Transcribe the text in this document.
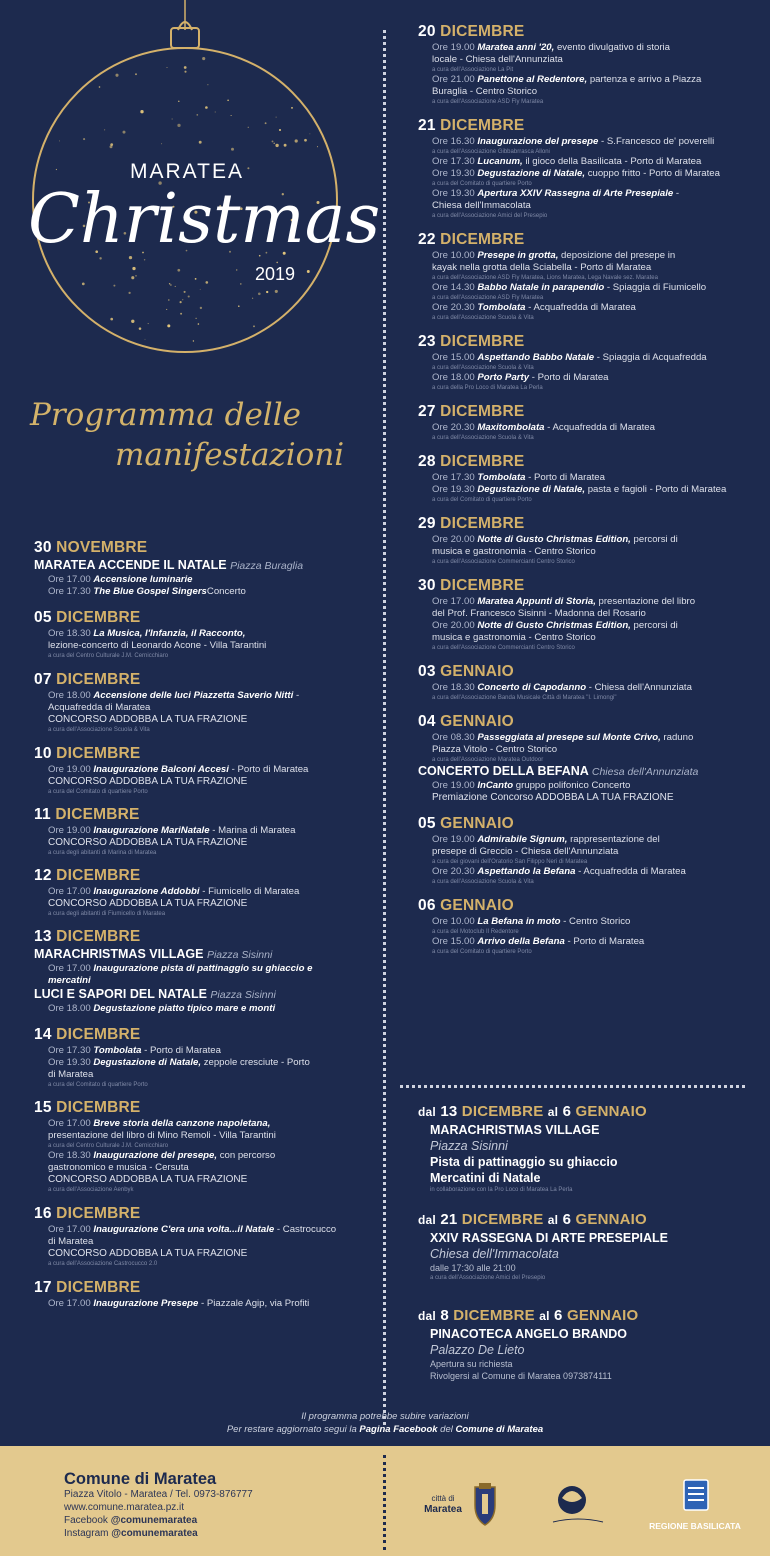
MARATEA
Christmas
2019
Programma delle
manifestazioni
30 NOVEMBRE
MARATEA ACCENDE IL NATALE Piazza Buraglia
Ore 17.00 Accensione luminarie
Ore 17.30 The Blue Gospel SingersConcerto
05 DICEMBRE
Ore 18.30 La Musica, l'Infanzia, il Racconto,
lezione-concerto di Leonardo Acone - Villa Tarantini
a cura del Centro Culturale J.M. Cernicchiaro
07 DICEMBRE
Ore 18.00 Accensione delle luci Piazzetta Saverio Nitti -
Acquafredda di Maratea
CONCORSO ADDOBBA LA TUA FRAZIONE
a cura dell'Associazione Scuola & Vita
10 DICEMBRE
Ore 19.00 Inaugurazione Balconi Accesi - Porto di Maratea
CONCORSO ADDOBBA LA TUA FRAZIONE
a cura del Comitato di quartiere Porto
11 DICEMBRE
Ore 19.00 Inaugurazione MariNatale - Marina di Maratea
CONCORSO ADDOBBA LA TUA FRAZIONE
a cura degli abitanti di Marina di Maratea
12 DICEMBRE
Ore 17.00 Inaugurazione Addobbi - Fiumicello di Maratea
CONCORSO ADDOBBA LA TUA FRAZIONE
a cura degli abitanti di Fiumicello di Maratea
13 DICEMBRE
MARACHRISTMAS VILLAGE Piazza Sisinni
Ore 17.00 Inaugurazione pista di pattinaggio su ghiaccio e
mercatini
LUCI E SAPORI DEL NATALE Piazza Sisinni
Ore 18.00 Degustazione piatto tipico mare e monti
14 DICEMBRE
Ore 17.30 Tombolata - Porto di Maratea
Ore 19.30 Degustazione di Natale, zeppole cresciute - Porto
di Maratea
a cura del Comitato di quartiere Porto
15 DICEMBRE
Ore 17.00 Breve storia della canzone napoletana,
presentazione del libro di Mino Remoli - Villa Tarantini
a cura del Centro Culturale J.M. Cernicchiaro
Ore 18.30 Inaugurazione del presepe, con percorso
gastronomico e musica - Cersuta
CONCORSO ADDOBBA LA TUA FRAZIONE
a cura dell'Associazione Aenbyk
16 DICEMBRE
Ore 17.00 Inaugurazione C'era una volta...il Natale - Castrocucco
di Maratea
CONCORSO ADDOBBA LA TUA FRAZIONE
a cura dell'Associazione Castrocucco 2.0
17 DICEMBRE
Ore 17.00 Inaugurazione Presepe - Piazzale Agip, via Profiti
20 DICEMBRE
Ore 19.00 Maratea anni '20, evento divulgativo di storia
locale - Chiesa dell'Annunziata
a cura dell'Associazione La Pit
Ore 21.00 Panettone al Redentore, partenza e arrivo a Piazza
Buraglia - Centro Storico
a cura dell'Associazione ASD Fly Maratea
21 DICEMBRE
Ore 16.30 Inaugurazione del presepe - S.Francesco de' poverelli
a cura dell'Associazione Gibbabrrasca Alloni
Ore 17.30 Lucanum, il gioco della Basilicata - Porto di Maratea
Ore 19.30 Degustazione di Natale, cuoppo fritto - Porto di Maratea
a cura del Comitato di quartiere Porto
Ore 19.30 Apertura XXIV Rassegna di Arte Presepiale -
Chiesa dell'Immacolata
a cura dell'Associazione Amici del Presepio
22 DICEMBRE
Ore 10.00 Presepe in grotta, deposizione del presepe in
kayak nella grotta della Sciabella - Porto di Maratea
a cura dell'Associazione ASD Fly Maratea, Lions Maratea, Lega Navale sez. Maratea
Ore 14.30 Babbo Natale in parapendio - Spiaggia di Fiumicello
a cura dell'Associazione ASD Fly Maratea
Ore 20.30 Tombolata - Acquafredda di Maratea
a cura dell'Associazione Scuola & Vita
23 DICEMBRE
Ore 15.00 Aspettando Babbo Natale - Spiaggia di Acquafredda
a cura dell'Associazione Scuola & Vita
Ore 18.00 Porto Party - Porto di Maratea
a cura della Pro Loco di Maratea La Perla
27 DICEMBRE
Ore 20.30 Maxitombolata - Acquafredda di Maratea
a cura dell'Associazione Scuola & Vita
28 DICEMBRE
Ore 17.30 Tombolata - Porto di Maratea
Ore 19.30 Degustazione di Natale, pasta e fagioli - Porto di Maratea
a cura del Comitato di quartiere Porto
29 DICEMBRE
Ore 20.00 Notte di Gusto Christmas Edition, percorsi di
musica e gastronomia - Centro Storico
a cura dell'Associazione Commercianti Centro Storico
30 DICEMBRE
Ore 17.00 Maratea Appunti di Storia, presentazione del libro
del Prof. Francesco Sisinni - Madonna del Rosario
Ore 20.00 Notte di Gusto Christmas Edition, percorsi di
musica e gastronomia - Centro Storico
a cura dell'Associazione Commercianti Centro Storico
03 GENNAIO
Ore 18.30 Concerto di Capodanno - Chiesa dell'Annunziata
a cura dell'Associazione Banda Musicale Città di Maratea "I. Limongi"
04 GENNAIO
Ore 08.30 Passeggiata al presepe sul Monte Crivo, raduno
Piazza Vitolo - Centro Storico
a cura dell'Associazione Maratea Outdoor
CONCERTO DELLA BEFANA Chiesa dell'Annunziata
Ore 19.00 InCanto gruppo polifonico Concerto
Premiazione Concorso ADDOBBA LA TUA FRAZIONE
05 GENNAIO
Ore 19.00 Admirabile Signum, rappresentazione del
presepe di Greccio - Chiesa dell'Annunziata
a cura dei giovani dell'Oratorio San Filippo Neri di Maratea
Ore 20.30 Aspettando la Befana - Acquafredda di Maratea
a cura dell'Associazione Scuola & Vita
06 GENNAIO
Ore 10.00 La Befana in moto - Centro Storico
a cura del Motoclub Il Redentore
Ore 15.00 Arrivo della Befana - Porto di Maratea
a cura del Comitato di quartiere Porto
dal 13 DICEMBRE al 6 GENNAIO
MARACHRISTMAS VILLAGE
Piazza Sisinni
Pista di pattinaggio su ghiaccio
Mercatini di Natale
in collaborazione con la Pro Loco di Maratea La Perla
dal 21 DICEMBRE al 6 GENNAIO
XXIV RASSEGNA DI ARTE PRESEPIALE
Chiesa dell'Immacolata
dalle 17:30 alle 21:00
a cura dell'Associazione Amici del Presepio
dal 8 DICEMBRE al 6 GENNAIO
PINACOTECA ANGELO BRANDO
Palazzo De Lieto
Apertura su richiesta
Rivolgersi al Comune di Maratea 0973874111
Il programma potrebbe subire variazioni
Per restare aggiornato segui la Pagina Facebook del Comune di Maratea
Comune di Maratea
Piazza Vitolo - Maratea / Tel. 0973-876777
www.comune.maratea.pz.it
Facebook @comunemaratea
Instagram @comunemaratea
città di
Maratea
REGIONE BASILICATA
